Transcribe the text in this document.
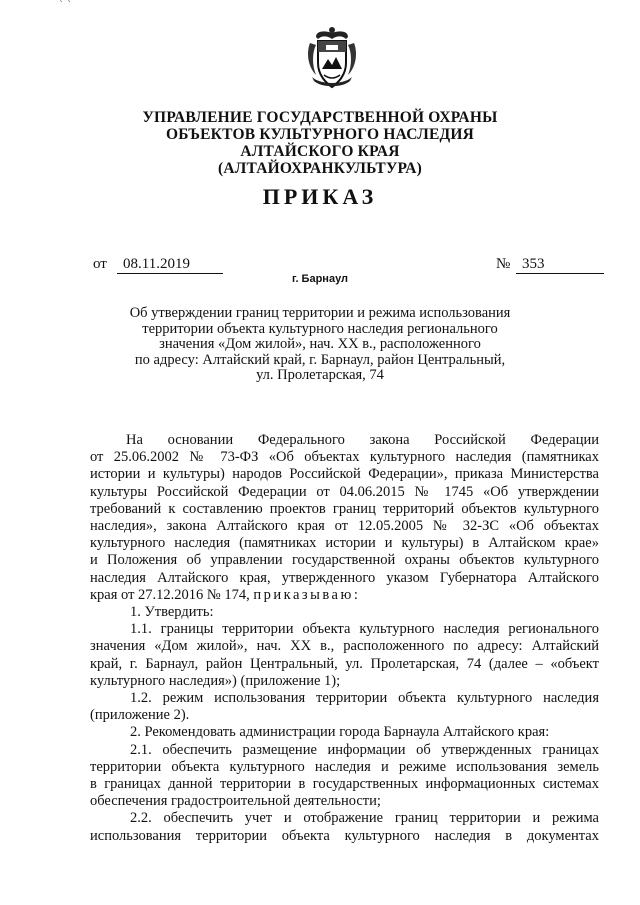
` ˋ
УПРАВЛЕНИЕ ГОСУДАРСТВЕННОЙ ОХРАНЫ
ОБЪЕКТОВ КУЛЬТУРНОГО НАСЛЕДИЯ
АЛТАЙСКОГО КРАЯ
(АЛТАЙОХРАНКУЛЬТУРА)
ПРИКАЗ
от	08.11.2019	№ 353
г. Барнаул
Об утверждении границ территории и режима использования
территории объекта культурного наследия регионального
значения «Дом жилой», нач. XX в., расположенного
по адресу: Алтайский край, г. Барнаул, район Центральный,
ул. Пролетарская, 74

На основании Федерального закона Российской Федерации

от 25.06.2002 № 73-ФЗ «Об объектах культурного наследия (памятниках

истории и культуры) народов Российской Федерации», приказа Министерства

культуры Российской Федерации от 04.06.2015 № 1745 «Об утверждении

требований к составлению проектов границ территорий объектов культурного

наследия», закона Алтайского края от 12.05.2005 № 32-ЗС «Об объектах

культурного наследия (памятниках истории и культуры) в Алтайском крае»

и Положения об управлении государственной охраны объектов культурного

наследия Алтайского края, утвержденного указом Губернатора Алтайского

края от 27.12.2016 № 174, приказываю:

1. Утвердить:

1.1. границы территории объекта культурного наследия регионального

значения «Дом жилой», нач. XX в., расположенного по адресу: Алтайский

край, г. Барнаул, район Центральный, ул. Пролетарская, 74 (далее – «объект

культурного наследия») (приложение 1);

1.2. режим использования территории объекта культурного наследия

(приложение 2).

2. Рекомендовать администрации города Барнаула Алтайского края:

2.1. обеспечить размещение информации об утвержденных границах

территории объекта культурного наследия и режиме использования земель

в границах данной территории в государственных информационных системах

обеспечения градостроительной деятельности;

2.2. обеспечить учет и отображение границ территории и режима

использования территории объекта культурного наследия в документах
